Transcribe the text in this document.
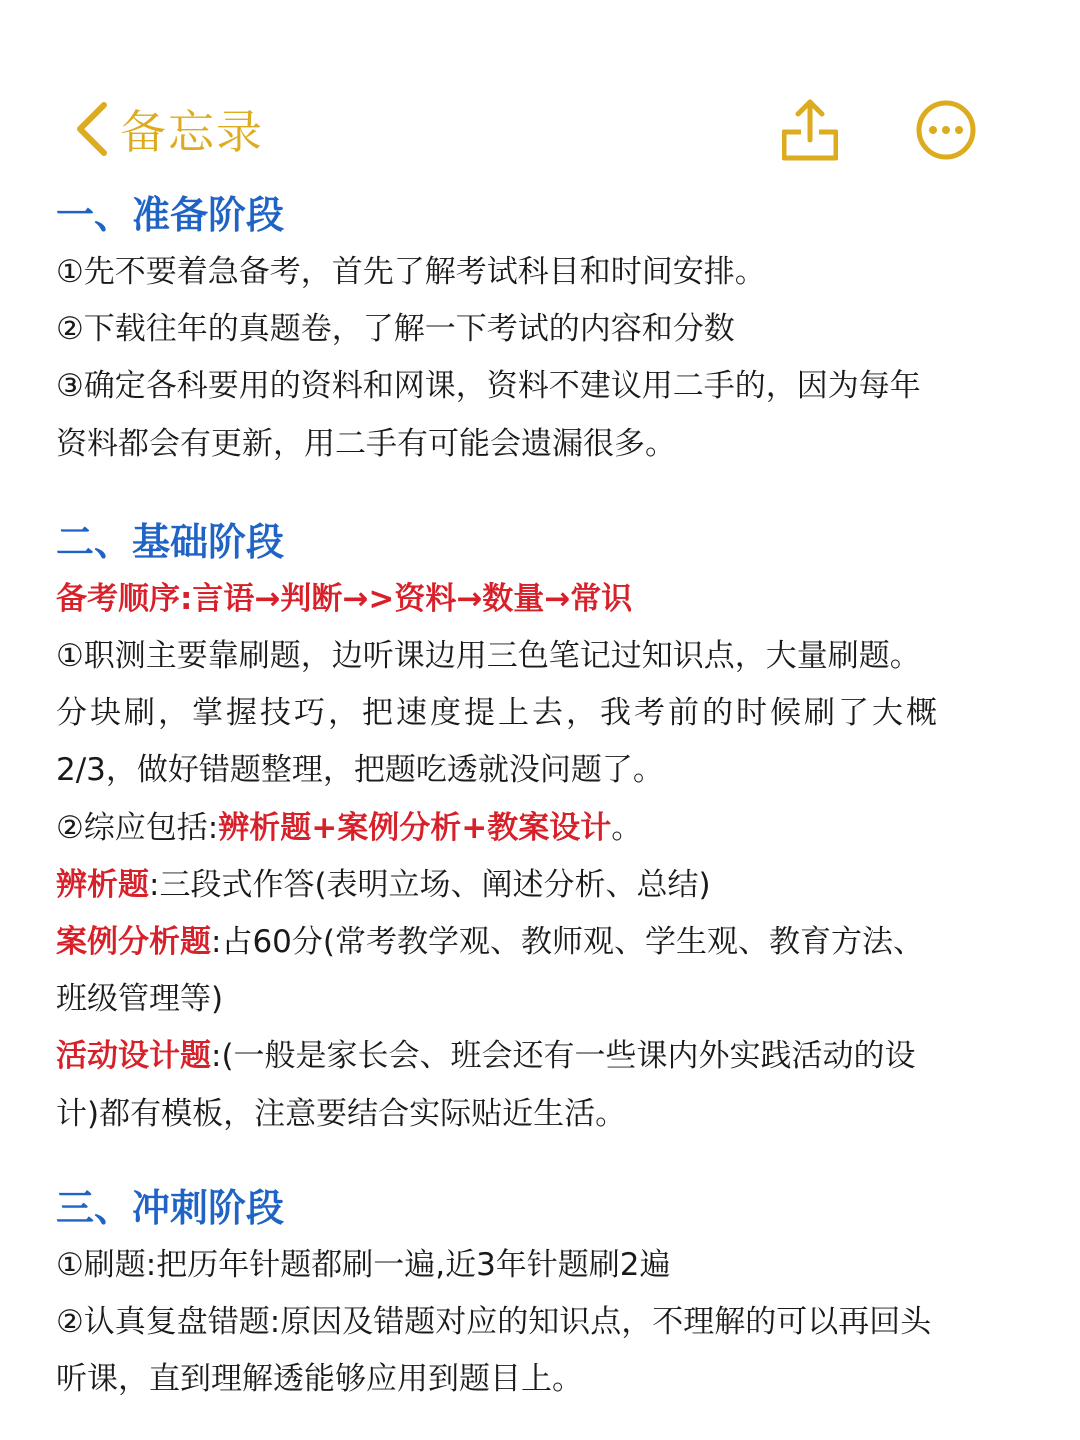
备忘录
一、准备阶段
①先不要着急备考，首先了解考试科目和时间安排。
②下载往年的真题卷，了解一下考试的内容和分数
③确定各科要用的资料和网课，资料不建议用二手的，因为每年
资料都会有更新，用二手有可能会遗漏很多。
二、基础阶段
备考顺序:言语→判断→>资料→数量→常识
①职测主要靠刷题，边听课边用三色笔记过知识点，大量刷题。
分块刷，掌握技巧，把速度提上去，我考前的时候刷了大概
2/3，做好错题整理，把题吃透就没问题了。
②综应包括:辨析题+案例分析+教案设计。
辨析题:三段式作答(表明立场、阐述分析、总结)
案例分析题:占60分(常考教学观、教师观、学生观、教育方法、
班级管理等)
活动设计题:(一般是家长会、班会还有一些课内外实践活动的设
计)都有模板，注意要结合实际贴近生活。
三、冲刺阶段
①刷题:把历年针题都刷一遍,近3年针题刷2遍
②认真复盘错题:原因及错题对应的知识点，不理解的可以再回头
听课，直到理解透能够应用到题目上。
